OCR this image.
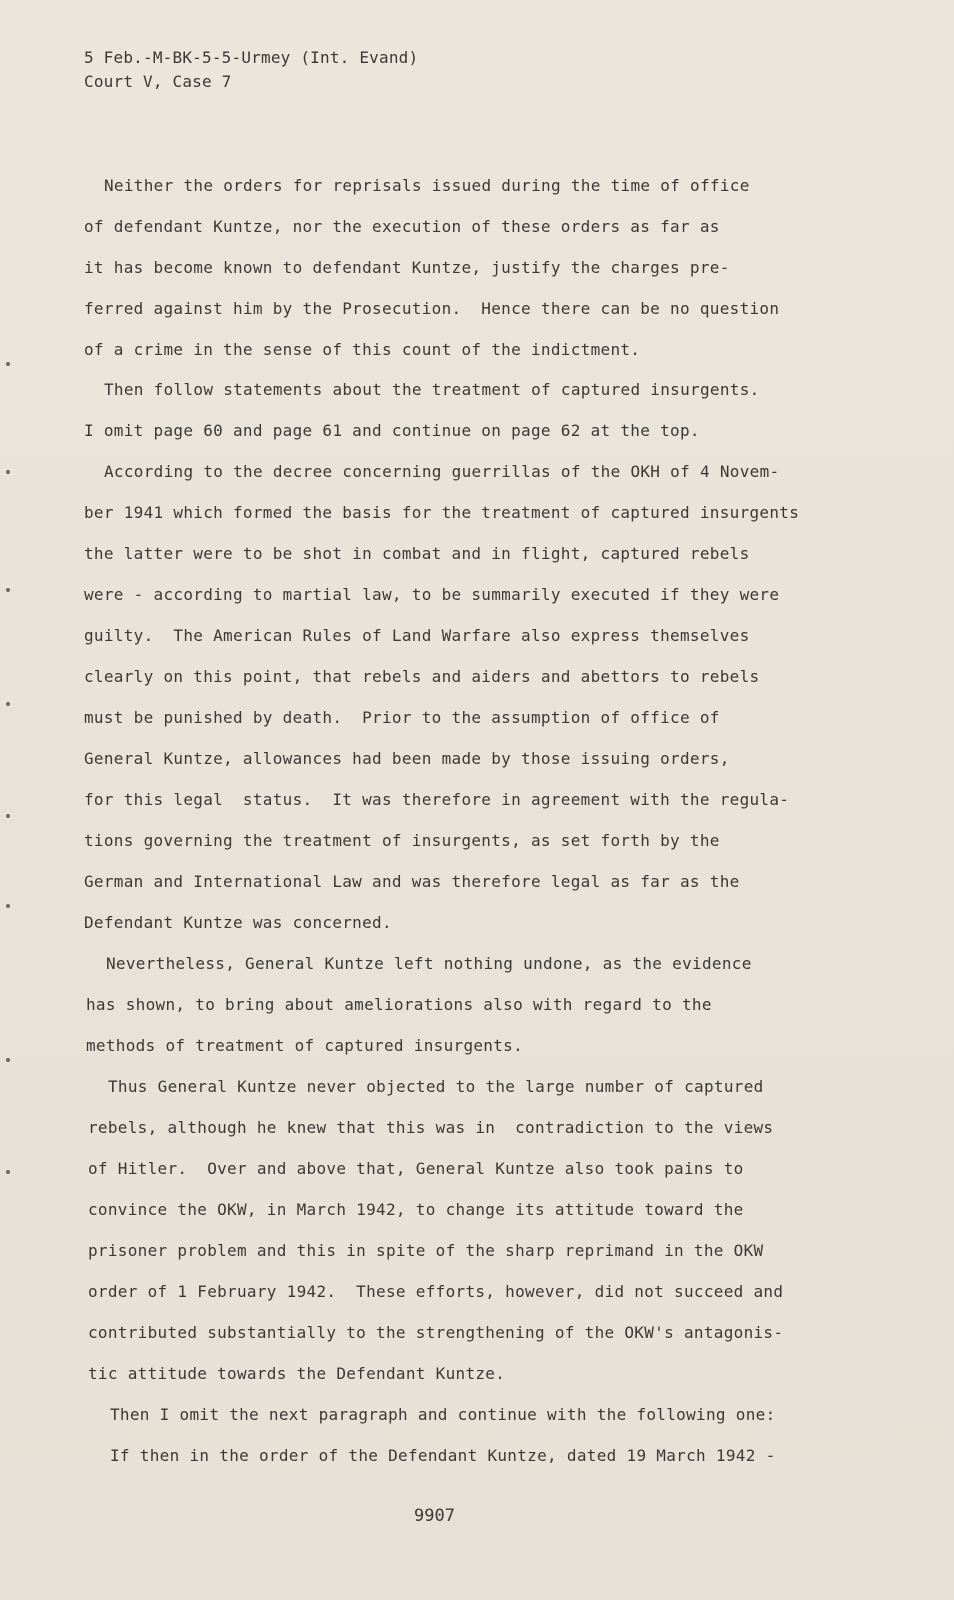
5 Feb.-M-BK-5-5-Urmey (Int. Evand)
Court V, Case 7
Neither the orders for reprisals issued during the time of office
of defendant Kuntze, nor the execution of these orders as far as
it has become known to defendant Kuntze, justify the charges pre-
ferred against him by the Prosecution.  Hence there can be no question
of a crime in the sense of this count of the indictment.
Then follow statements about the treatment of captured insurgents.
I omit page 60 and page 61 and continue on page 62 at the top.
According to the decree concerning guerrillas of the OKH of 4 Novem-
ber 1941 which formed the basis for the treatment of captured insurgents
the latter were to be shot in combat and in flight, captured rebels
were - according to martial law, to be summarily executed if they were
guilty.  The American Rules of Land Warfare also express themselves
clearly on this point, that rebels and aiders and abettors to rebels
must be punished by death.  Prior to the assumption of office of
General Kuntze, allowances had been made by those issuing orders,
for this legal  status.  It was therefore in agreement with the regula-
tions governing the treatment of insurgents, as set forth by the
German and International Law and was therefore legal as far as the
Defendant Kuntze was concerned.
Nevertheless, General Kuntze left nothing undone, as the evidence
has shown, to bring about ameliorations also with regard to the
methods of treatment of captured insurgents.
Thus General Kuntze never objected to the large number of captured
rebels, although he knew that this was in  contradiction to the views
of Hitler.  Over and above that, General Kuntze also took pains to
convince the OKW, in March 1942, to change its attitude toward the
prisoner problem and this in spite of the sharp reprimand in the OKW
order of 1 February 1942.  These efforts, however, did not succeed and
contributed substantially to the strengthening of the OKW's antagonis-
tic attitude towards the Defendant Kuntze.
Then I omit the next paragraph and continue with the following one:
If then in the order of the Defendant Kuntze, dated 19 March 1942 -
9907
